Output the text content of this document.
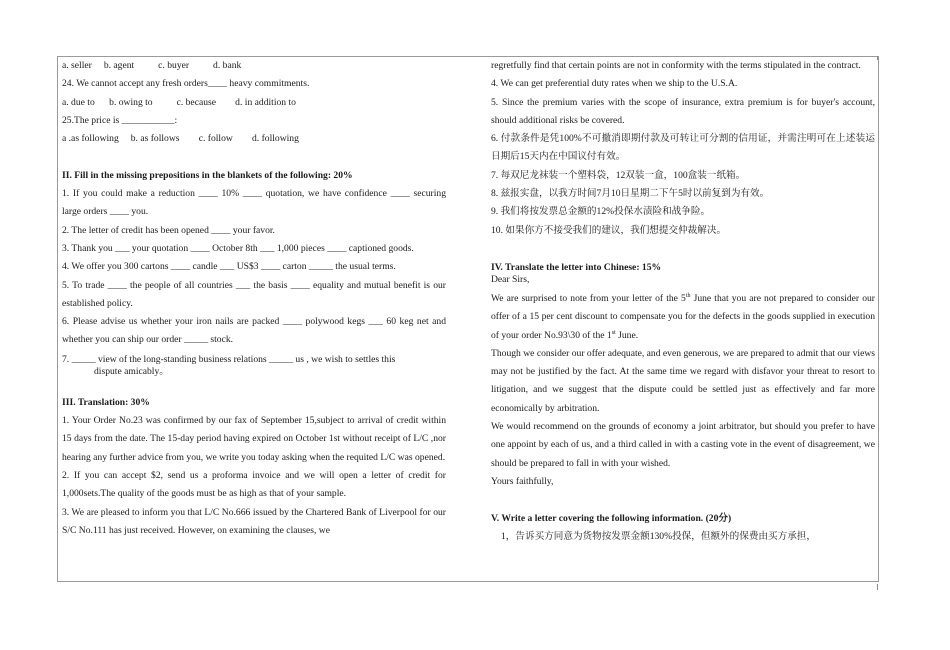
a. seller     b. agent          c. buyer          d. bank

24. We cannot accept any fresh orders____ heavy commitments.

a. due to      b. owing to          c. because        d. in addition to

25.The price is ___________:

a .as following     b. as follows        c. follow        d. following

II. Fill in the missing prepositions in the blankets of the following: 20%

1. If you could make a reduction ____ 10% ____ quotation, we have confidence ____ securing large orders ____ you.

2. The letter of credit has been opened ____ your favor.

3. Thank you ___ your quotation ____ October 8th ___ 1,000 pieces ____ captioned goods.

4. We offer you 300 cartons ____ candle ___ US$3 ____ carton _____ the usual terms.

5. To trade ____ the people of all countries ___ the basis ____ equality and mutual benefit is our established policy.

6. Please advise us whether your iron nails are packed ____ polywood kegs ___ 60 keg net and whether you can ship our order _____ stock.

7. _____ view of the long-standing business relations _____ us , we wish to settles this
dispute amicably。

III. Translation: 30%

1. Your Order No.23 was confirmed by our fax of September 15,subject to arrival of credit within 15 days from the date. The 15-day period having expired on October 1st without receipt of L/C ,nor hearing any further advice from you, we write you today asking when the requited L/C was opened.

2. If you can accept $2, send us a proforma invoice and we will open a letter of credit for 1,000sets.The quality of the goods must be as high as that of your sample.

3. We are pleased to inform you that L/C No.666 issued by the Chartered Bank of Liverpool for our S/C No.111 has just received. However, on examining the clauses, we

regretfully find that certain points are not in conformity with the terms stipulated in the contract.

4. We can get preferential duty rates when we ship to the U.S.A.

5. Since the premium varies with the scope of insurance, extra premium is for buyer's account, should additional risks be covered.

6. 付款条件是凭100%不可撤消即期付款及可转让可分割的信用证，并需注明可在上述装运日期后15天内在中国议付有效。

7. 每双尼龙袜装一个塑料袋，12双装一盒，100盒装一纸箱。

8. 兹报实盘，以我方时间7月10日星期二下午5时以前复到为有效。

9. 我们将按发票总金额的12%投保水渍险和战争险。

10. 如果你方不接受我们的建议，我们想提交仲裁解决。

IV. Translate the letter into Chinese: 15%

Dear Sirs,

We are surprised to note from your letter of the 5th June that you are not prepared to consider our offer of a 15 per cent discount to compensate you for the defects in the goods supplied in execution of your order No.93\30 of the 1st June.

Though we consider our offer adequate, and even generous, we are prepared to admit that our views may not be justified by the fact. At the same time we regard with disfavor your threat to resort to litigation, and we suggest that the dispute could be settled just as effectively and far more economically by arbitration.

We would recommend on the grounds of economy a joint arbitrator, but should you prefer to have one appoint by each of us, and a third called in with a casting vote in the event of disagreement, we should be prepared to fall in with your wished.

Yours faithfully,

V. Write a letter covering the following information. (20分)

1，告诉买方同意为货物按发票金额130%投保，但额外的保费由买方承担，
